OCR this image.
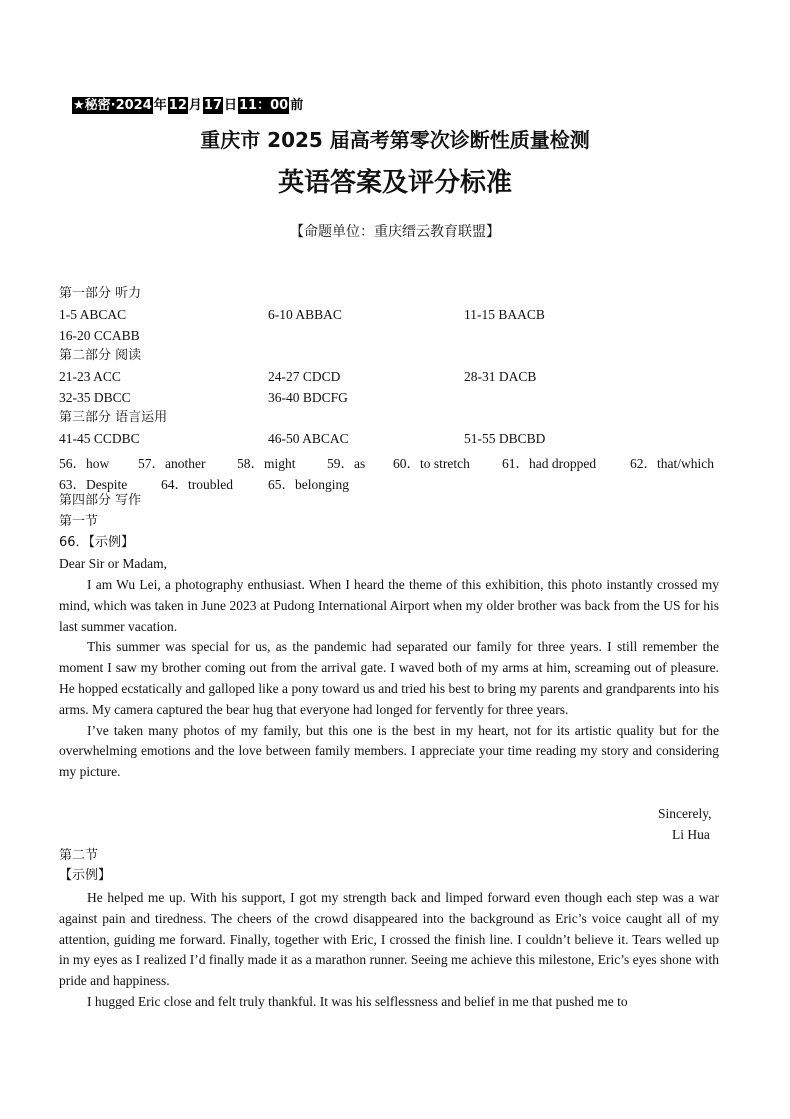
★秘密·2024 年 12 月 17 日 11：00 前
重庆市 2025 届高考第零次诊断性质量检测
英语答案及评分标准
【命题单位：重庆缙云教育联盟】
第一部分 听力
1-5 ABCAC	6-10 ABBAC	11-15 BAACB
16-20 CCABB
第二部分 阅读
21-23 ACC	24-27 CDCD	28-31 DACB
32-35 DBCC	36-40 BDCFG
第三部分 语言运用
41-45 CCDBC	46-50 ABCAC	51-55 DBCBD
56．how 57．another 58．might 59．as 60．to stretch 61．had dropped	62．that/which
63．Despite	64．troubled	65．belonging
第四部分 写作
第一节
66．【示例】
Dear Sir or Madam,

I am Wu Lei, a photography enthusiast. When I heard the theme of this exhibition, this photo instantly crossed my mind, which was taken in June 2023 at Pudong International Airport when my older brother was back from the US for his last summer vacation.

This summer was special for us, as the pandemic had separated our family for three years. I still remember the moment I saw my brother coming out from the arrival gate. I waved both of my arms at him, screaming out of pleasure. He hopped ecstatically and galloped like a pony toward us and tried his best to bring my parents and grandparents into his arms. My camera captured the bear hug that everyone had longed for fervently for three years.

I’ve taken many photos of my family, but this one is the best in my heart, not for its artistic quality but for the overwhelming emotions and the love between family members. I appreciate your time reading my story and considering my picture.

Sincerely,
Li Hua
第二节
【示例】

He helped me up. With his support, I got my strength back and limped forward even though each step was a war against pain and tiredness. The cheers of the crowd disappeared into the background as Eric’s voice caught all of my attention, guiding me forward. Finally, together with Eric, I crossed the finish line. I couldn’t believe it. Tears welled up in my eyes as I realized I’d finally made it as a marathon runner. Seeing me achieve this milestone, Eric’s eyes shone with pride and happiness.

I hugged Eric close and felt truly thankful. It was his selflessness and belief in me that pushed me to
